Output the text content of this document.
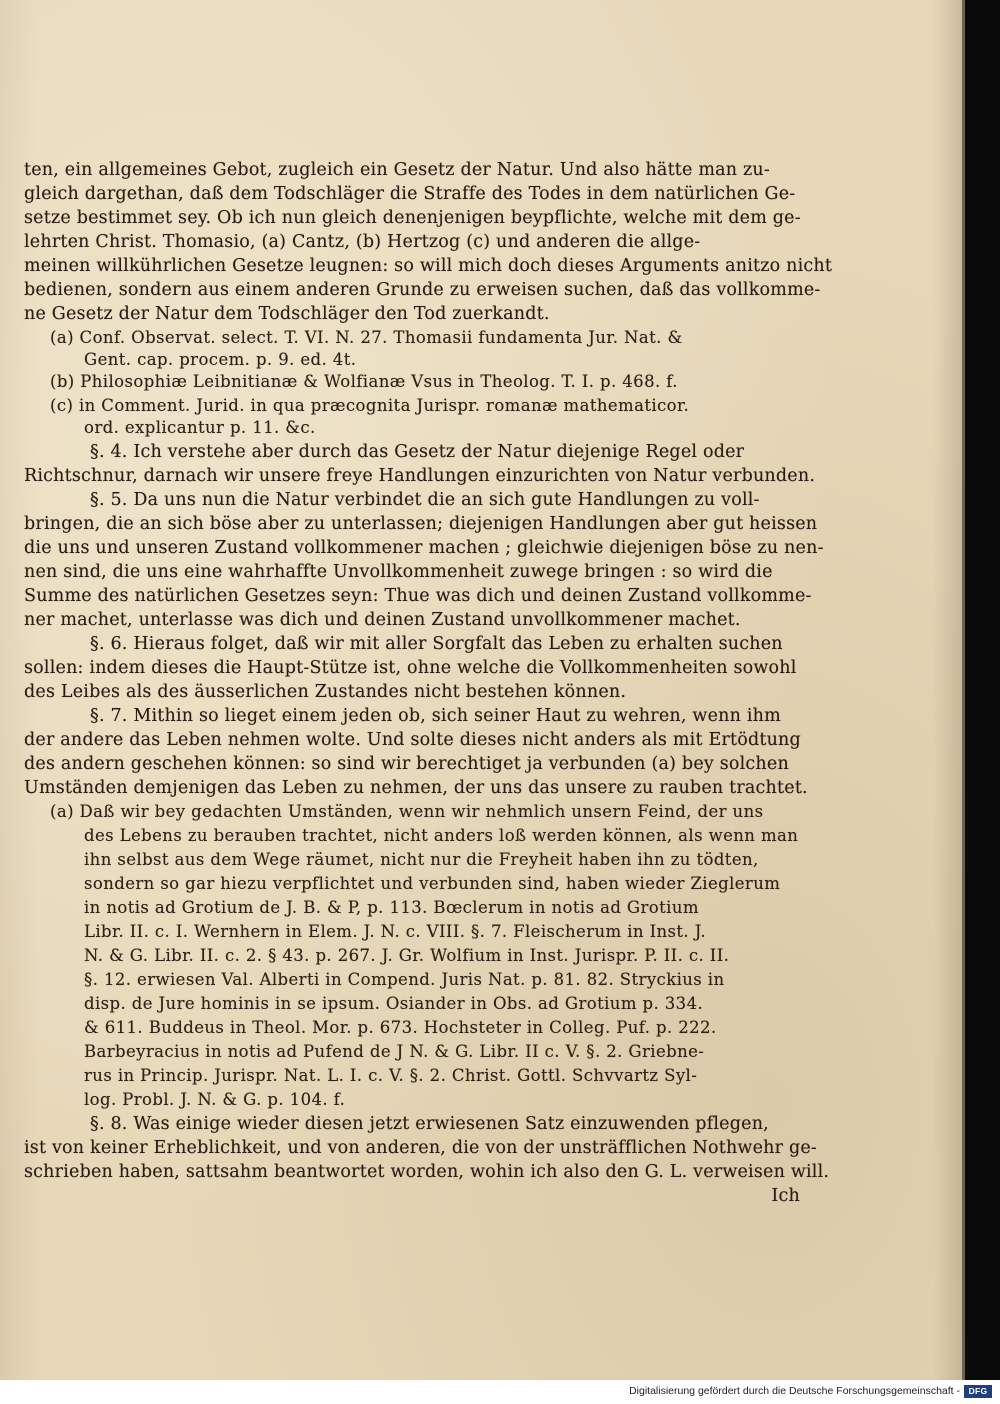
ten, ein allgemeines Gebot, zugleich ein Gesetz der Natur. Und also hätte man zu-
gleich dargethan, daß dem Todschläger die Straffe des Todes in dem natürlichen Ge-
setze bestimmet sey. Ob ich nun gleich denenjenigen beypflichte, welche mit dem ge-
lehrten Christ. Thomasio, (a) Cantz, (b) Hertzog (c) und anderen die allge-
meinen willkührlichen Gesetze leugnen: so will mich doch dieses Arguments anitzo nicht
bedienen, sondern aus einem anderen Grunde zu erweisen suchen, daß das vollkomme-
ne Gesetz der Natur dem Todschläger den Tod zuerkandt.
(a) Conf. Observat. select. T. VI. N. 27. Thomasii fundamenta Jur. Nat. &
Gent. cap. procem. p. 9. ed. 4t.
(b) Philosophiæ Leibnitianæ & Wolfianæ Vsus in Theolog. T. I. p. 468. f.
(c) in Comment. Jurid. in qua præcognita Jurispr. romanæ mathematicor.
ord. explicantur p. 11. &c.
§. 4. Ich verstehe aber durch das Gesetz der Natur diejenige Regel oder
Richtschnur, darnach wir unsere freye Handlungen einzurichten von Natur verbunden.
§. 5. Da uns nun die Natur verbindet die an sich gute Handlungen zu voll-
bringen, die an sich böse aber zu unterlassen; diejenigen Handlungen aber gut heissen
die uns und unseren Zustand vollkommener machen ; gleichwie diejenigen böse zu nen-
nen sind, die uns eine wahrhaffte Unvollkommenheit zuwege bringen : so wird die
Summe des natürlichen Gesetzes seyn: Thue was dich und deinen Zustand vollkomme-
ner machet, unterlasse was dich und deinen Zustand unvollkommener machet.
§. 6. Hieraus folget, daß wir mit aller Sorgfalt das Leben zu erhalten suchen
sollen: indem dieses die Haupt-Stütze ist, ohne welche die Vollkommenheiten sowohl
des Leibes als des äusserlichen Zustandes nicht bestehen können.
§. 7. Mithin so lieget einem jeden ob, sich seiner Haut zu wehren, wenn ihm
der andere das Leben nehmen wolte. Und solte dieses nicht anders als mit Ertödtung
des andern geschehen können: so sind wir berechtiget ja verbunden (a) bey solchen
Umständen demjenigen das Leben zu nehmen, der uns das unsere zu rauben trachtet.
(a) Daß wir bey gedachten Umständen, wenn wir nehmlich unsern Feind, der uns
des Lebens zu berauben trachtet, nicht anders loß werden können, als wenn man
ihn selbst aus dem Wege räumet, nicht nur die Freyheit haben ihn zu tödten,
sondern so gar hiezu verpflichtet und verbunden sind, haben wieder Zieglerum
in notis ad Grotium de J. B. & P, p. 113. Bœclerum in notis ad Grotium
Libr. II. c. I. Wernhern in Elem. J. N. c. VIII. §. 7. Fleischerum in Inst. J.
N. & G. Libr. II. c. 2. § 43. p. 267. J. Gr. Wolfium in Inst. Jurispr. P. II. c. II.
§. 12. erwiesen Val. Alberti in Compend. Juris Nat. p. 81. 82. Stryckius in
disp. de Jure hominis in se ipsum. Osiander in Obs. ad Grotium p. 334.
& 611. Buddeus in Theol. Mor. p. 673. Hochsteter in Colleg. Puf. p. 222.
Barbeyracius in notis ad Pufend de J N. & G. Libr. II c. V. §. 2. Griebne-
rus in Princip. Jurispr. Nat. L. I. c. V. §. 2. Christ. Gottl. Schvvartz Syl-
log. Probl. J. N. & G. p. 104. f.
§. 8. Was einige wieder diesen jetzt erwiesenen Satz einzuwenden pflegen,
ist von keiner Erheblichkeit, und von anderen, die von der unsträfflichen Nothwehr ge-
schrieben haben, sattsahm beantwortet worden, wohin ich also den G. L. verweisen will.
Ich
Digitalisierung gefördert durch die Deutsche Forschungsgemeinschaft -	DFG
